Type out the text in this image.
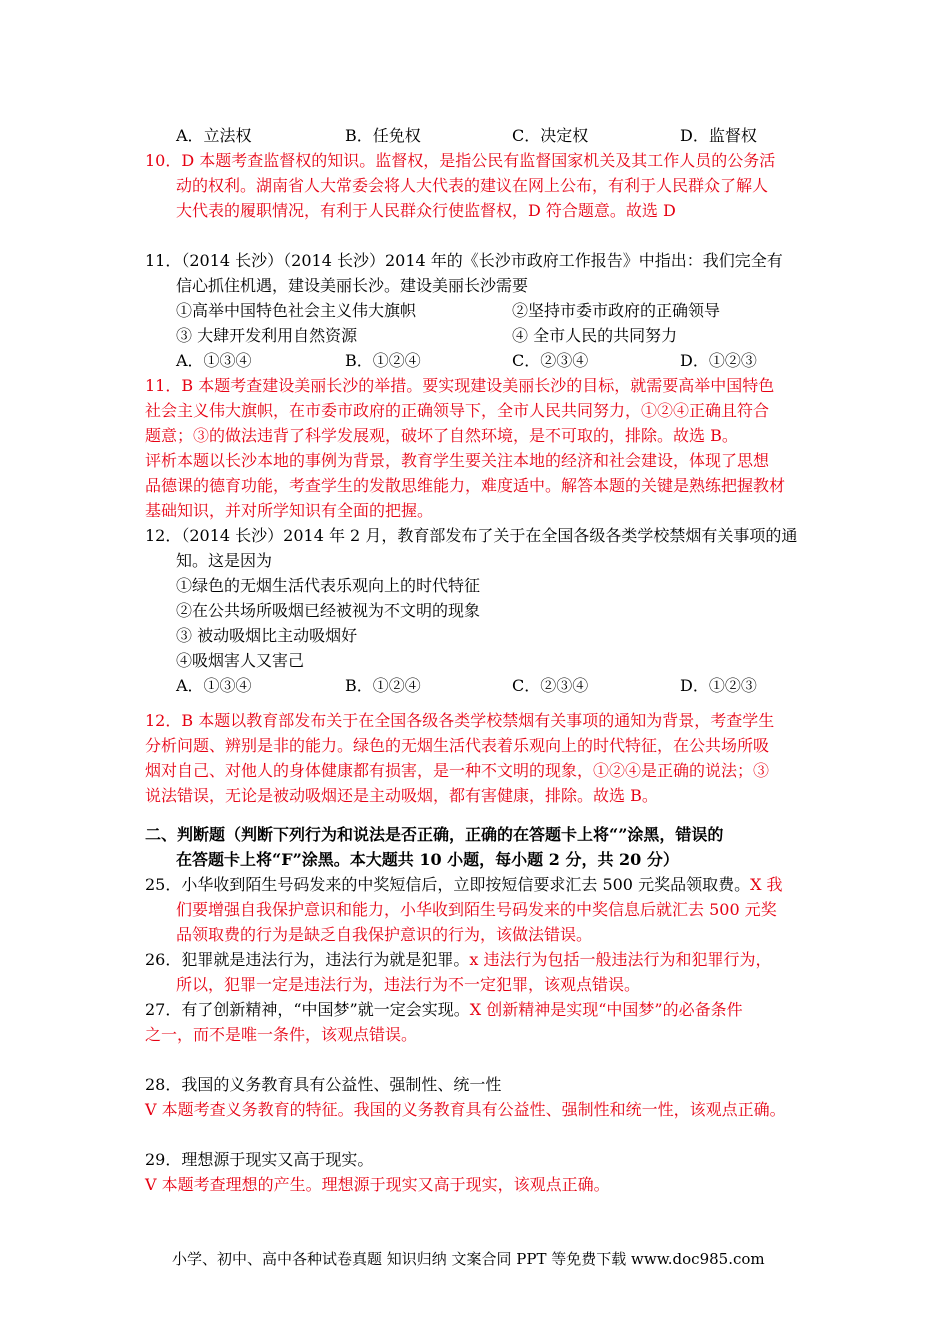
A．立法权	B．任免权	C．决定权	D．监督权
10．D 本题考查监督权的知识。监督权，是指公民有监督国家机关及其工作人员的公务活
动的权利。湖南省人大常委会将人大代表的建议在网上公布，有利于人民群众了解人
大代表的履职情况，有利于人民群众行使监督权，D 符合题意。故选 D
11．（2014 长沙）（2014 长沙）2014 年的《长沙市政府工作报告》中指出：我们完全有
信心抓住机遇，建设美丽长沙。建设美丽长沙需要
①高举中国特色社会主义伟大旗帜	②坚持市委市政府的正确领导
③ 大肆开发利用自然资源	④ 全市人民的共同努力
A．①③④	B．①②④	C．②③④	D．①②③
11．B 本题考查建设美丽长沙的举措。要实现建设美丽长沙的目标，就需要高举中国特色
社会主义伟大旗帜，在市委市政府的正确领导下，全市人民共同努力，①②④正确且符合
题意；③的做法违背了科学发展观，破坏了自然环境，是不可取的，排除。故选 B。
评析本题以长沙本地的事例为背景，教育学生要关注本地的经济和社会建设，体现了思想
品德课的德育功能，考查学生的发散思维能力，难度适中。解答本题的关键是熟练把握教材
基础知识，并对所学知识有全面的把握。
12．（2014 长沙）2014 年 2 月，教育部发布了关于在全国各级各类学校禁烟有关事项的通
知。这是因为
①绿色的无烟生活代表乐观向上的时代特征
②在公共场所吸烟已经被视为不文明的现象
③ 被动吸烟比主动吸烟好
④吸烟害人又害己
A．①③④	B．①②④	C．②③④	D．①②③
12．B 本题以教育部发布关于在全国各级各类学校禁烟有关事项的通知为背景，考查学生
分析问题、辨别是非的能力。绿色的无烟生活代表着乐观向上的时代特征，在公共场所吸
烟对自己、对他人的身体健康都有损害，是一种不文明的现象，①②④是正确的说法；③
说法错误，无论是被动吸烟还是主动吸烟，都有害健康，排除。故选 B。
二、判断题（判断下列行为和说法是否正确，正确的在答题卡上将“”涂黑，错误的
在答题卡上将“F”涂黑。本大题共 10 小题，每小题 2 分，共 20 分）
25．小华收到陌生号码发来的中奖短信后，立即按短信要求汇去 500 元奖品领取费。X 我
们要增强自我保护意识和能力，小华收到陌生号码发来的中奖信息后就汇去 500 元奖
品领取费的行为是缺乏自我保护意识的行为，该做法错误。
26．犯罪就是违法行为，违法行为就是犯罪。x 违法行为包括一般违法行为和犯罪行为，
所以，犯罪一定是违法行为，违法行为不一定犯罪，该观点错误。
27．有了创新精神，“中国梦”就一定会实现。X 创新精神是实现“中国梦”的必备条件
之一，而不是唯一条件，该观点错误。
28．我国的义务教育具有公益性、强制性、统一性
V 本题考查义务教育的特征。我国的义务教育具有公益性、强制性和统一性，该观点正确。
29．理想源于现实又高于现实。
V 本题考查理想的产生。理想源于现实又高于现实，该观点正确。
小学、初中、高中各种试卷真题 知识归纳 文案合同 PPT 等免费下载 www.doc985.com
